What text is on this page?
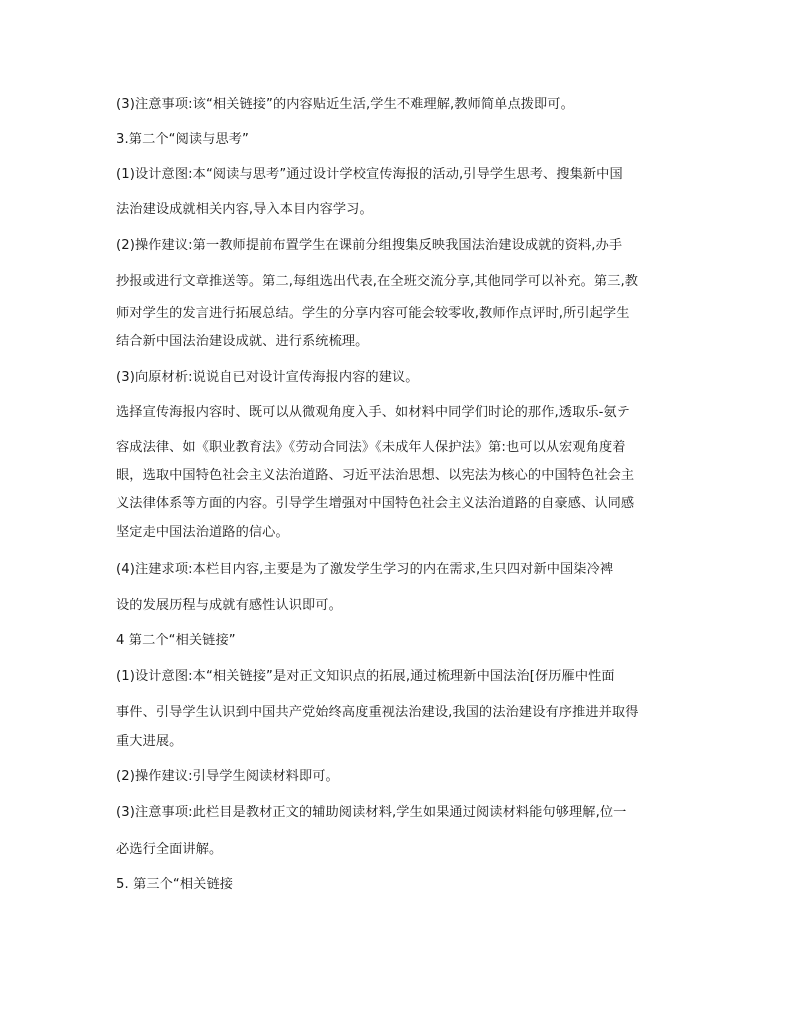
(3)注意事项:该“相关链接”的内容贴近生活,学生不难理解,教师简单点拨即可。
3.第二个“阅读与思考”
(1)设计意图:本“阅读与思考”通过设计学校宣传海报的活动,引导学生思考、搜集新中国
法治建设成就相关内容,导入本目内容学习。
(2)操作建议:第一教师提前布置学生在课前分组搜集反映我国法治建设成就的资料,办手
抄报或进行文章推送等。第二,每组选出代表,在全班交流分享,其他同学可以补充。第三,教
师对学生的发言进行拓展总结。学生的分享内容可能会较零收,教师作点评时,所引起学生
结合新中国法治建设成就、进行系统梳理。
(3)向原材析:说说自已对设计宣传海报内容的建议。
选择宣传海报内容时、既可以从微观角度入手、如材料中同学们时论的那作,透取乐-氨テ
容成法律、如《职业教育法》《劳动合同法》《未成年人保护法》第:也可以从宏观角度着
眼，选取中国特色社会主义法治道路、习近平法治思想、以宪法为核心的中国特色社会主
义法律体系等方面的内容。引导学生增强对中国特色社会主义法治道路的自豪感、认同感
坚定走中国法治道路的信心。
(4)注建求项:本栏目内容,主要是为了激发学生学习的内在需求,生只四对新中国柒冷裨
设的发展历程与成就有感性认识即可。
4 第二个“相关链接”
(1)设计意图:本“相关链接”是对正文知识点的拓展,通过梳理新中国法治[伢历雁中性面
事件、引导学生认识到中国共产党始终高度重视法治建设,我国的法治建设有序推进并取得
重大进展。
(2)操作建议:引导学生阅读材料即可。
(3)注意事项:此栏目是教材正文的辅助阅读材料,学生如果通过阅读材料能句够理解,位一
必选行全面讲解。
5. 第三个“相关链接
